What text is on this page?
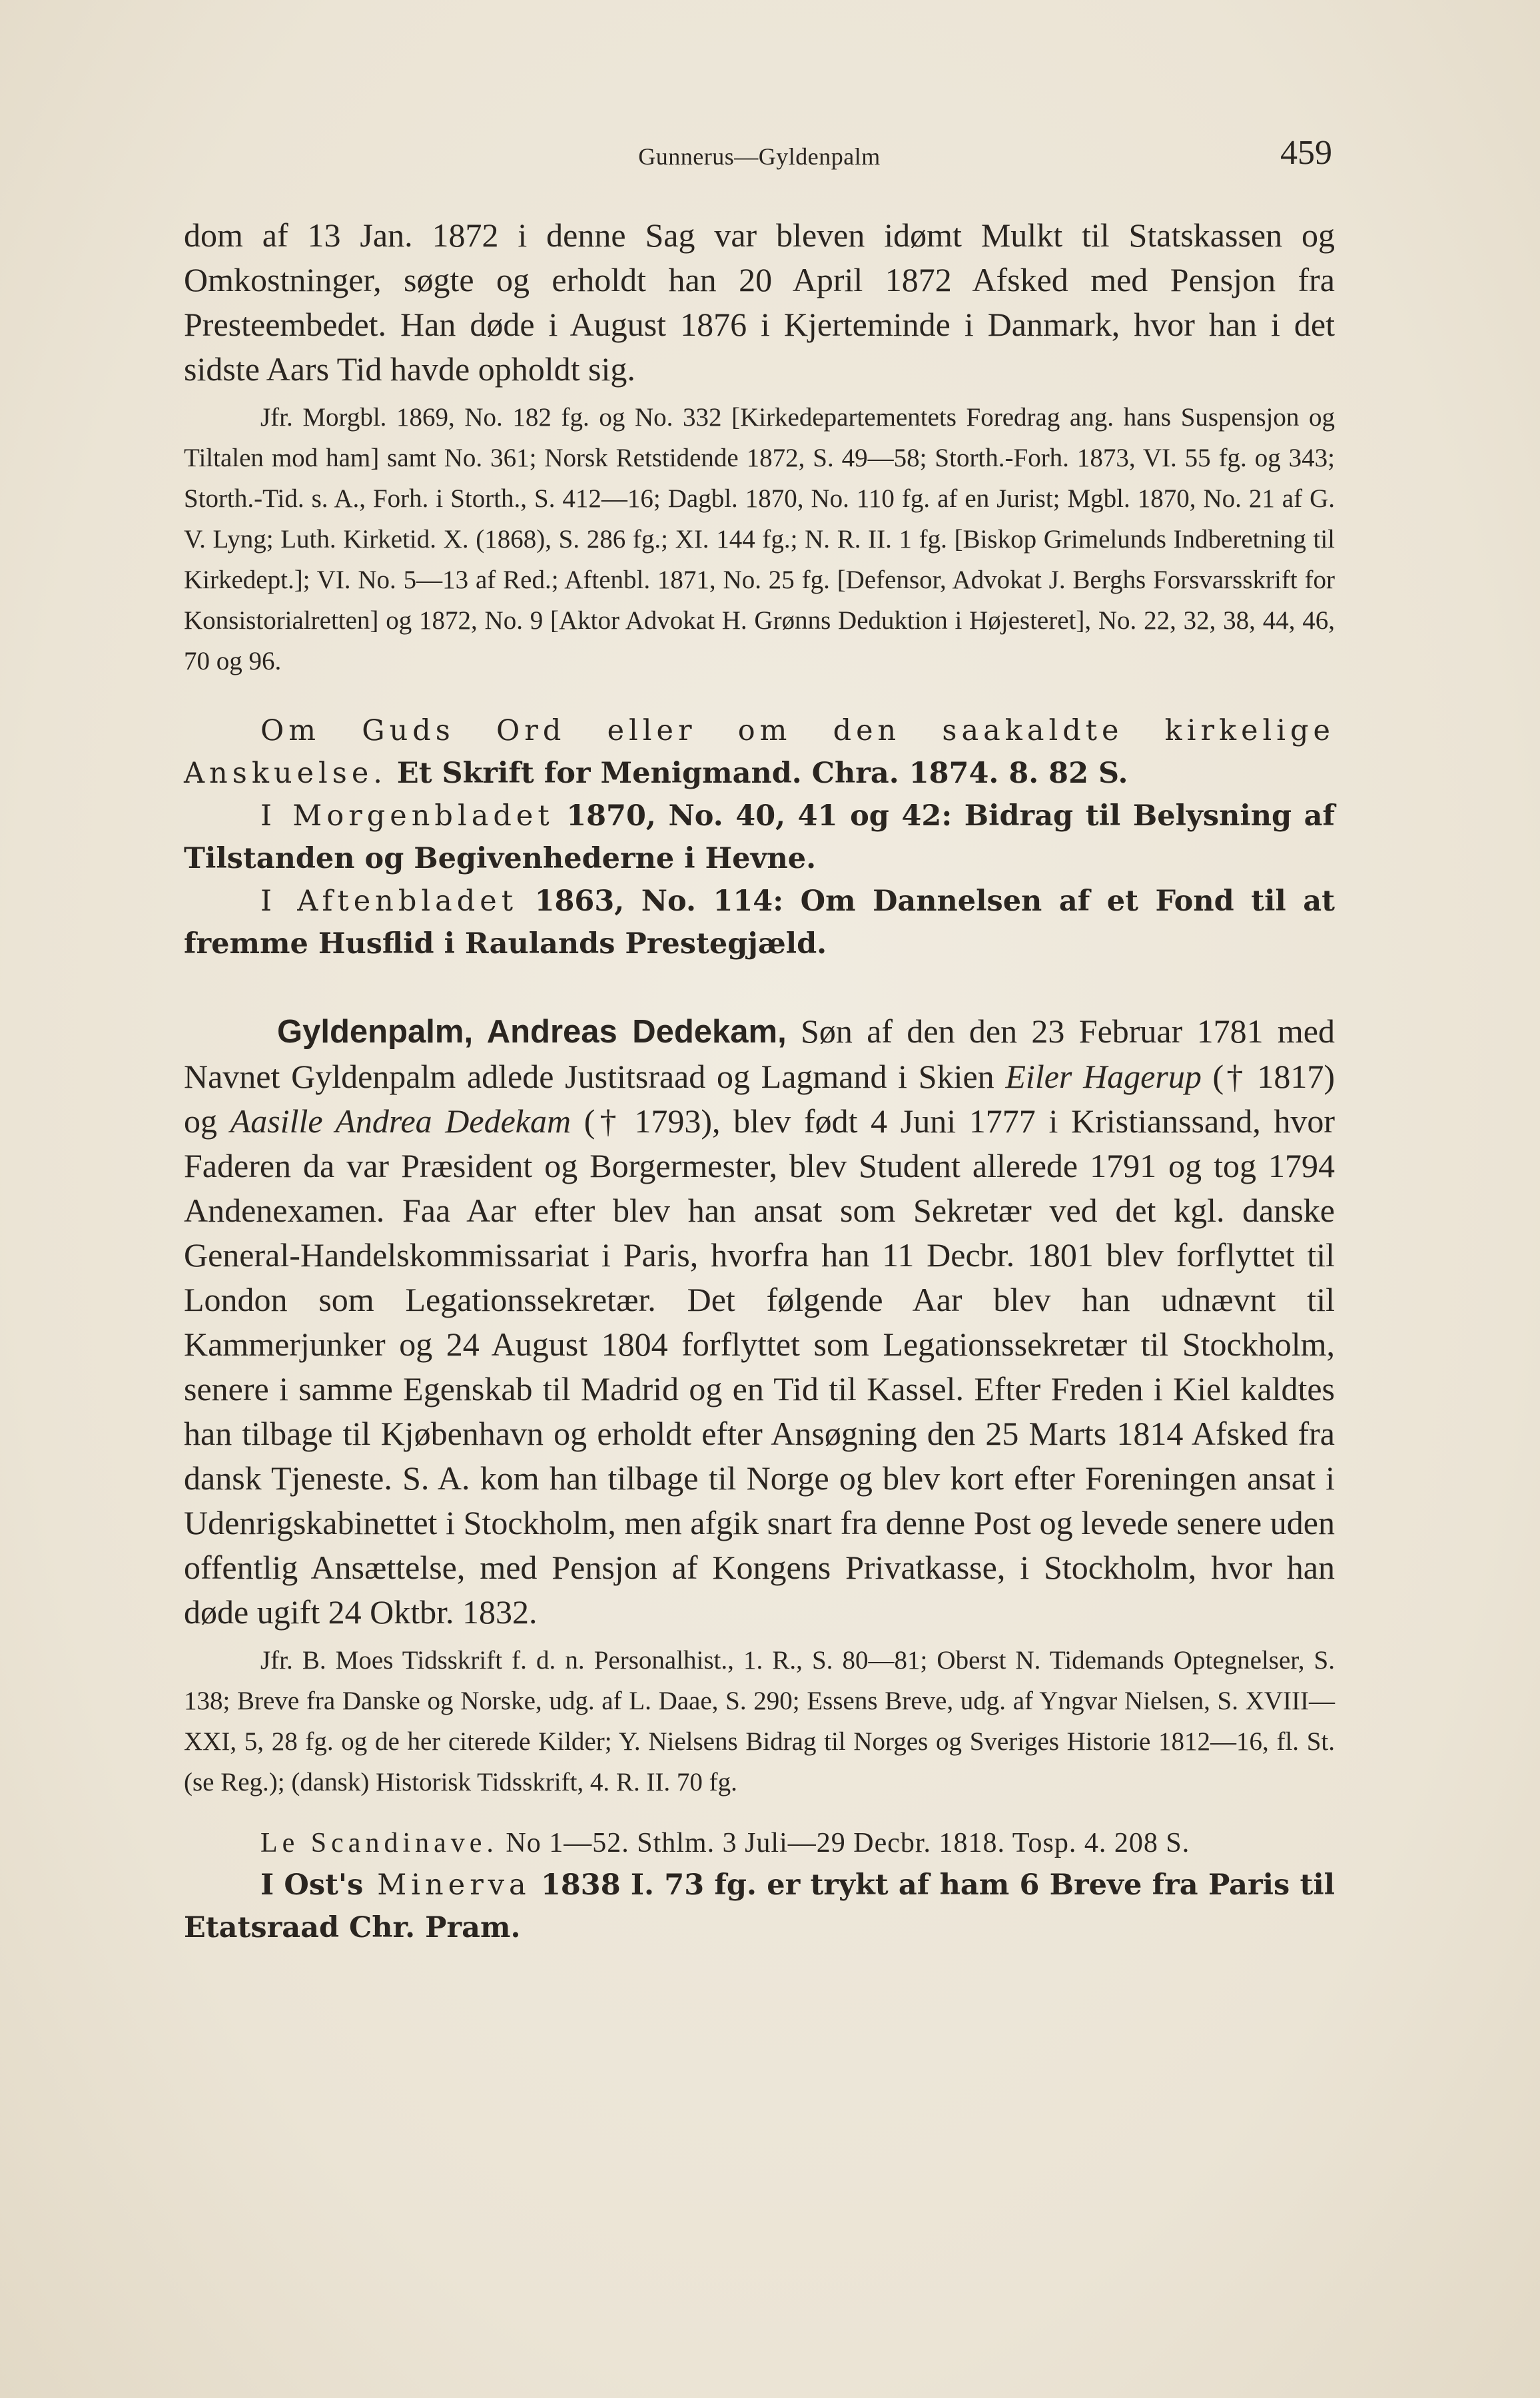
Gunnerus—Gyldenpalm	459

dom af 13 Jan. 1872 i denne Sag var bleven idømt Mulkt til Statskassen og Omkostninger, søgte og erholdt han 20 April 1872 Afsked med Pensjon fra Presteembedet. Han døde i August 1876 i Kjerteminde i Danmark, hvor han i det sidste Aars Tid havde opholdt sig.

Jfr. Morgbl. 1869, No. 182 fg. og No. 332 [Kirkedepartementets Foredrag ang. hans Suspensjon og Tiltalen mod ham] samt No. 361; Norsk Retstidende 1872, S. 49—58; Storth.-Forh. 1873, VI. 55 fg. og 343; Storth.-Tid. s. A., Forh. i Storth., S. 412—16; Dagbl. 1870, No. 110 fg. af en Jurist; Mgbl. 1870, No. 21 af G. V. Lyng; Luth. Kirketid. X. (1868), S. 286 fg.; XI. 144 fg.; N. R. II. 1 fg. [Biskop Grimelunds Indberetning til Kirkedept.]; VI. No. 5—13 af Red.; Aftenbl. 1871, No. 25 fg. [Defensor, Advokat J. Berghs Forsvarsskrift for Konsistorialretten] og 1872, No. 9 [Aktor Advokat H. Grønns Deduktion i Højesteret], No. 22, 32, 38, 44, 46, 70 og 96.

Om Guds Ord eller om den saakaldte kirkelige Anskuelse. Et Skrift for Menigmand. Chra. 1874. 8. 82 S.

I Morgenbladet 1870, No. 40, 41 og 42: Bidrag til Belysning af Tilstanden og Begivenhederne i Hevne.

I Aftenbladet 1863, No. 114: Om Dannelsen af et Fond til at fremme Husflid i Raulands Prestegjæld.

Gyldenpalm, Andreas Dedekam, Søn af den den 23 Februar 1781 med Navnet Gyldenpalm adlede Justitsraad og Lagmand i Skien Eiler Hagerup († 1817) og Aasille Andrea Dedekam († 1793), blev født 4 Juni 1777 i Kristianssand, hvor Faderen da var Præsident og Borgermester, blev Student allerede 1791 og tog 1794 Andenexamen. Faa Aar efter blev han ansat som Sekretær ved det kgl. danske General-Handelskommissariat i Paris, hvorfra han 11 Decbr. 1801 blev forflyttet til London som Legationssekretær. Det følgende Aar blev han udnævnt til Kammerjunker og 24 August 1804 forflyttet som Legationssekretær til Stockholm, senere i samme Egenskab til Madrid og en Tid til Kassel. Efter Freden i Kiel kaldtes han tilbage til Kjøbenhavn og erholdt efter Ansøgning den 25 Marts 1814 Afsked fra dansk Tjeneste. S. A. kom han tilbage til Norge og blev kort efter Foreningen ansat i Udenrigskabinettet i Stockholm, men afgik snart fra denne Post og levede senere uden offentlig Ansættelse, med Pensjon af Kongens Privatkasse, i Stockholm, hvor han døde ugift 24 Oktbr. 1832.

Jfr. B. Moes Tidsskrift f. d. n. Personalhist., 1. R., S. 80—81; Oberst N. Tidemands Optegnelser, S. 138; Breve fra Danske og Norske, udg. af L. Daae, S. 290; Essens Breve, udg. af Yngvar Nielsen, S. XVIII—XXI, 5, 28 fg. og de her citerede Kilder; Y. Nielsens Bidrag til Norges og Sveriges Historie 1812—16, fl. St. (se Reg.); (dansk) Historisk Tidsskrift, 4. R. II. 70 fg.

Le Scandinave. No 1—52. Sthlm. 3 Juli—29 Decbr. 1818. Tosp. 4. 208 S.

I Ost's Minerva 1838 I. 73 fg. er trykt af ham 6 Breve fra Paris til Etatsraad Chr. Pram.
